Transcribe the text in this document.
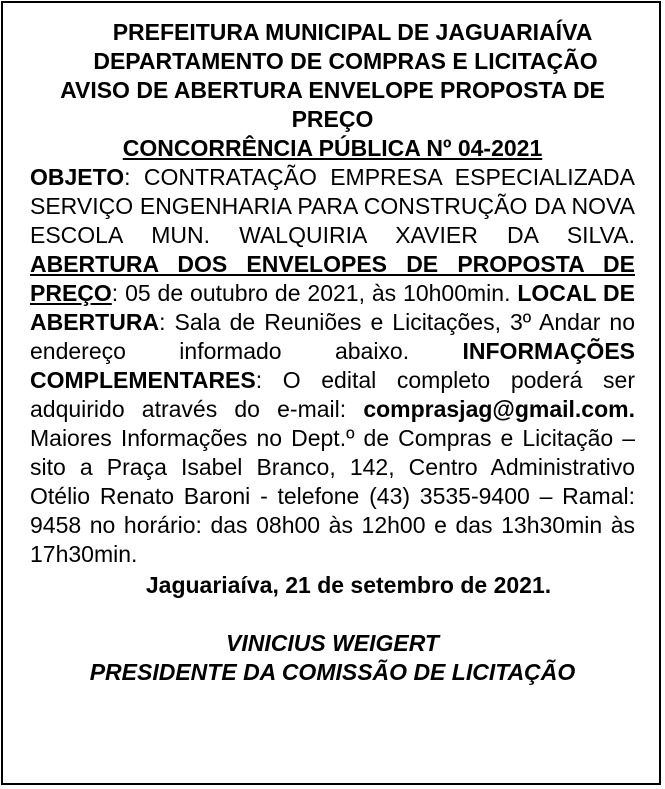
PREFEITURA MUNICIPAL DE JAGUARIAÍVA
DEPARTAMENTO DE COMPRAS E LICITAÇÃO
AVISO DE ABERTURA ENVELOPE PROPOSTA DE PREÇO
CONCORRÊNCIA PÚBLICA Nº 04-2021
OBJETO: CONTRATAÇÃO EMPRESA ESPECIALIZADA SERVIÇO ENGENHARIA PARA CONSTRUÇÃO DA NOVA ESCOLA MUN. WALQUIRIA XAVIER DA SILVA. ABERTURA DOS ENVELOPES DE PROPOSTA DE PREÇO: 05 de outubro de 2021, às 10h00min. LOCAL DE ABERTURA: Sala de Reuniões e Licitações, 3º Andar no endereço informado abaixo. INFORMAÇÕES COMPLEMENTARES: O edital completo poderá ser adquirido através do e-mail: comprasjag@gmail.com. Maiores Informações no Dept.º de Compras e Licitação – sito a Praça Isabel Branco, 142, Centro Administrativo Otélio Renato Baroni - telefone (43) 3535-9400 – Ramal: 9458 no horário: das 08h00 às 12h00 e das 13h30min às 17h30min.
Jaguariaíva, 21 de setembro de 2021.
VINICIUS WEIGERT
PRESIDENTE DA COMISSÃO DE LICITAÇÃO
